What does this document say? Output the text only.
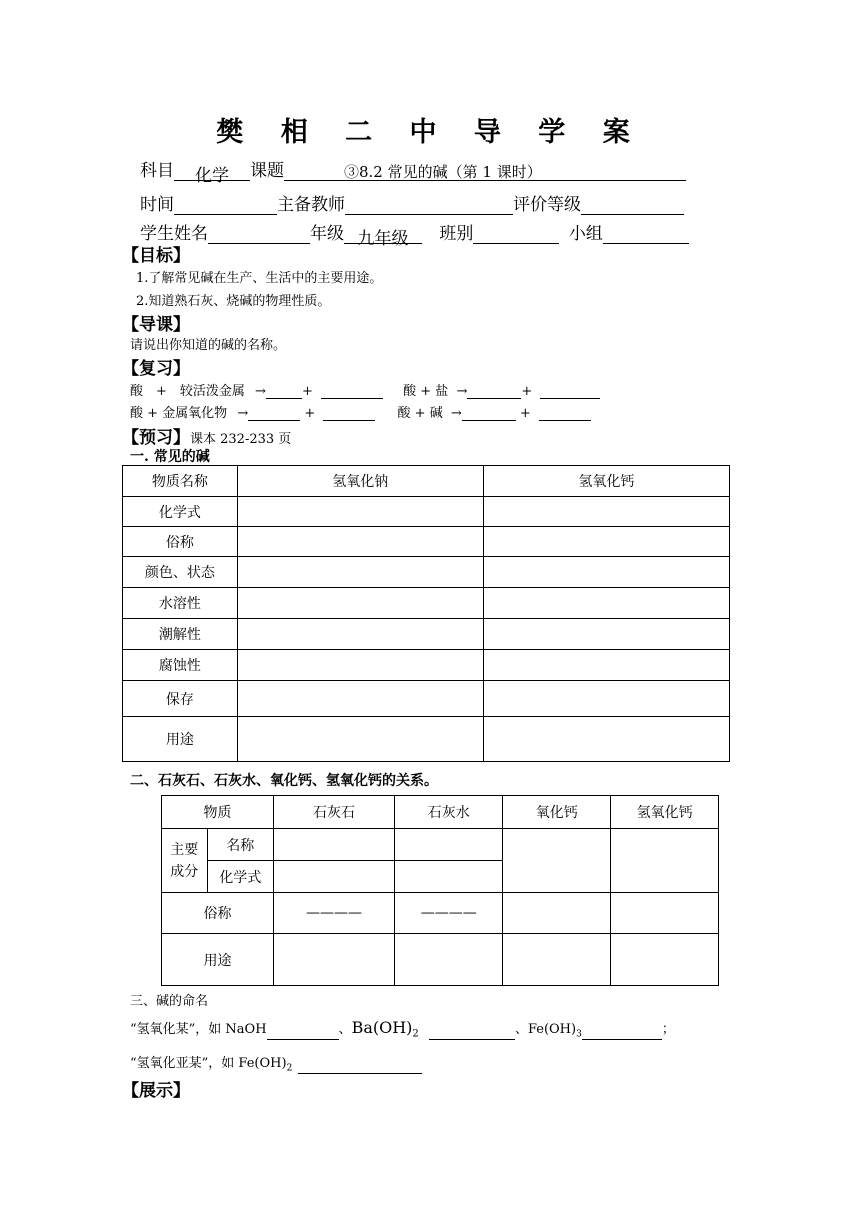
樊 相 二 中 导 学 案
科目 化学 课题	③8.2 常见的碱（第 1 课时）
时间	主备教师	评价等级
学生姓名	年级 九年级 班别	小组
【目标】
1.了解常见碱在生产、生活中的主要用途。
2.知道熟石灰、烧碱的物理性质。
【导课】
请说出你知道的碱的名称。
【复习】
酸　+　较活泼金属 →	+	酸 + 盐 →	+
酸 + 金属氧化物 →	+	酸 + 碱 →	+
【预习】课本 232-233 页
一. 常见的碱
物质名称	氢氧化钠	氢氧化钙
化学式		
俗称		
颜色、状态		
水溶性		
潮解性		
腐蚀性		
保存		
用途		
二、石灰石、石灰水、氧化钙、氢氧化钙的关系。
物质		石灰石	石灰水	氧化钙	氢氧化钙

主要
成分	名称				
	化学式				
俗称		————	————		
用途					
三、碱的命名
“氢氧化某”，如 NaOH	、$Ba(OH)_2$	、$Fe(OH)_3$	；
“氢氧化亚某”，如 $Fe(OH)_2$
【展示】
